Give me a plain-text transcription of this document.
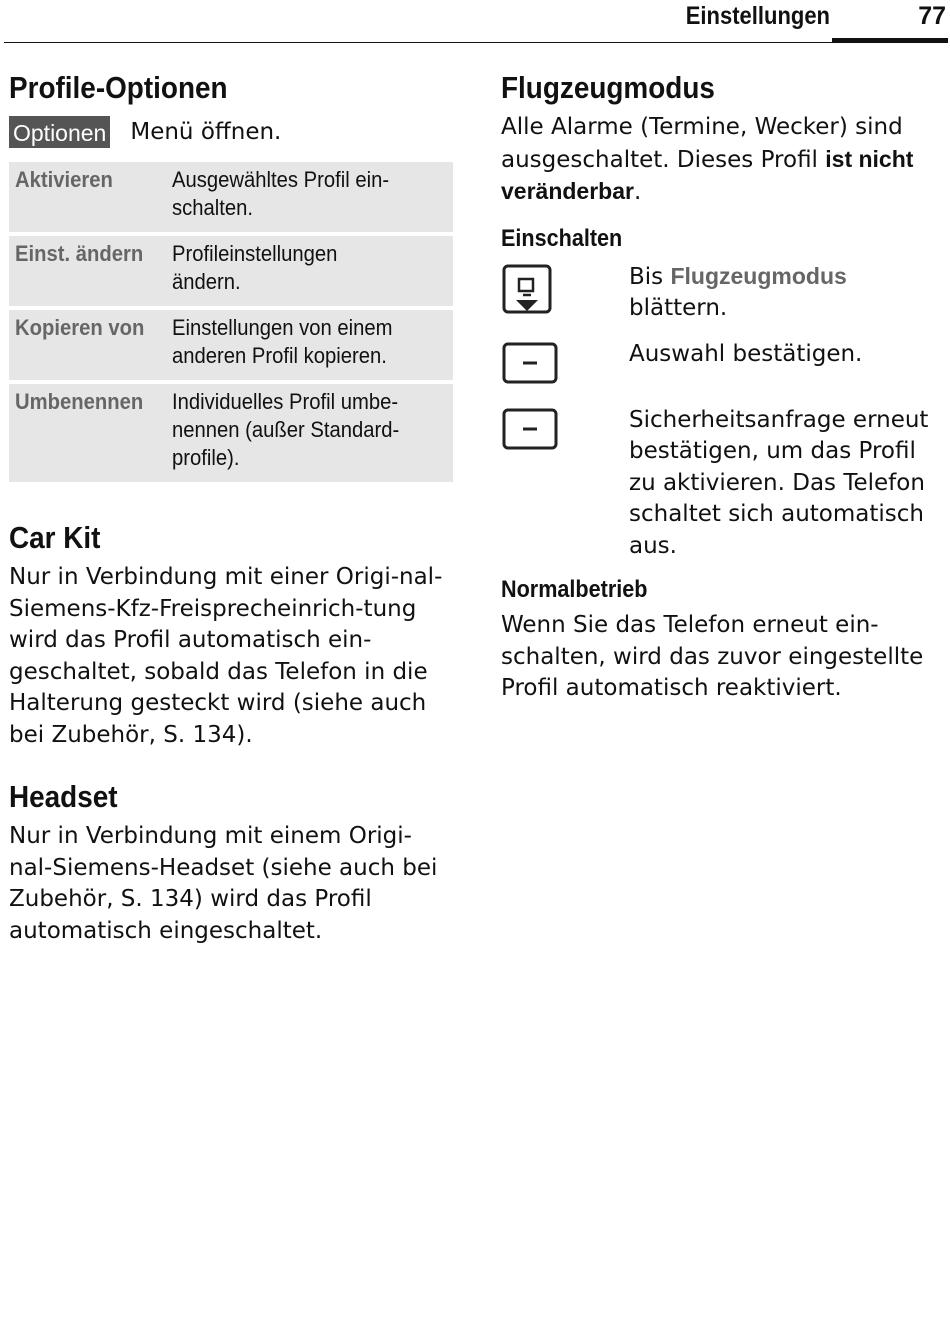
Einstellungen	77
Profile-Optionen
Optionen Menü öffnen.
Aktivieren	Ausgewähltes Profil ein-schalten.
Einst. ändern	Profileinstellungen ändern.
Kopieren von	Einstellungen von einem anderen Profil kopieren.
Umbenennen	Individuelles Profil umbe-nennen (außer Standard-profile).
Car Kit

Nur in Verbindung mit einer Origi-nal-Siemens-Kfz-Freisprecheinrich-tung wird das Profil automatisch ein-geschaltet, sobald das Telefon in die Halterung gesteckt wird (siehe auch bei Zubehör, S. 134).

Headset

Nur in Verbindung mit einem Origi-nal-Siemens-Headset (siehe auch bei Zubehör, S. 134) wird das Profil automatisch eingeschaltet.

Flugzeugmodus

Alle Alarme (Termine, Wecker) sind ausgeschaltet. Dieses Profil ist nicht veränderbar.

Einschalten
Bis Flugzeugmodus blättern.
Auswahl bestätigen.
Sicherheitsanfrage erneut bestätigen, um das Profil zu aktivieren. Das Telefon schaltet sich automatisch aus.
Normalbetrieb

Wenn Sie das Telefon erneut ein-schalten, wird das zuvor eingestellte Profil automatisch reaktiviert.
